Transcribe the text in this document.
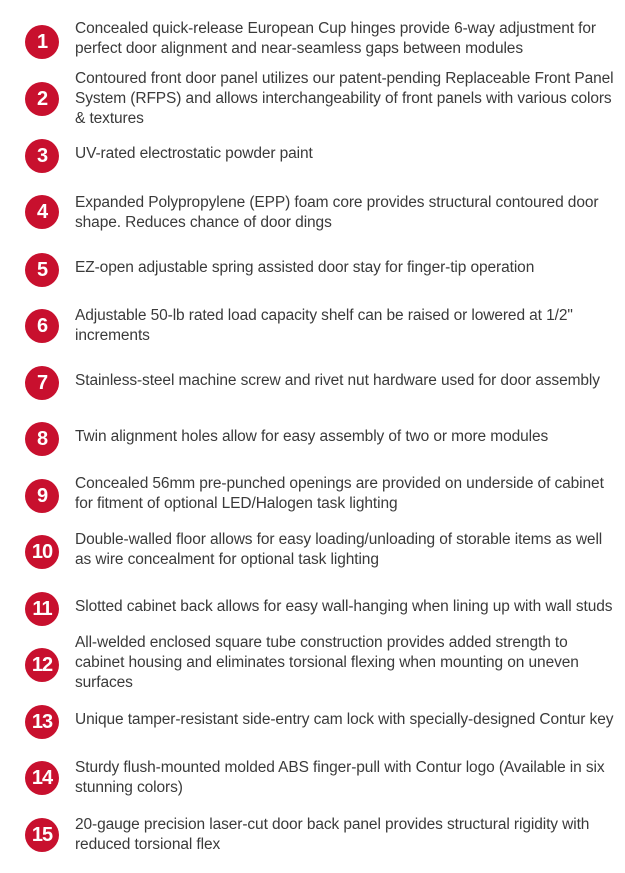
1
Concealed quick-release European Cup hinges provide 6-way adjustment for perfect door alignment and near-seamless gaps between modules
2
Contoured front door panel utilizes our patent-pending Replaceable Front Panel System (RFPS) and allows interchangeability of front panels with various colors & textures
3	UV-rated electrostatic powder paint
4	Expanded Polypropylene (EPP) foam core provides structural contoured door shape. Reduces chance of door dings
5	EZ-open adjustable spring assisted door stay for finger-tip operation
6	Adjustable 50-lb rated load capacity shelf can be raised or lowered at 1/2" increments
7	Stainless-steel machine screw and rivet nut hardware used for door assembly
8	Twin alignment holes allow for easy assembly of two or more modules
9
Concealed 56mm pre-punched openings are provided on underside of cabinet for fitment of optional LED/Halogen task lighting
10
Double-walled floor allows for easy loading/unloading of storable items as well as wire concealment for optional task lighting
11	Slotted cabinet back allows for easy wall-hanging when lining up with wall studs
12
All-welded enclosed square tube construction provides added strength to cabinet housing and eliminates torsional flexing when mounting on uneven surfaces
13	Unique tamper-resistant side-entry cam lock with specially-designed Contur key
14	Sturdy flush-mounted molded ABS finger-pull with Contur logo (Available in six stunning colors)
15	20-gauge precision laser-cut door back panel provides structural rigidity with reduced torsional flex
